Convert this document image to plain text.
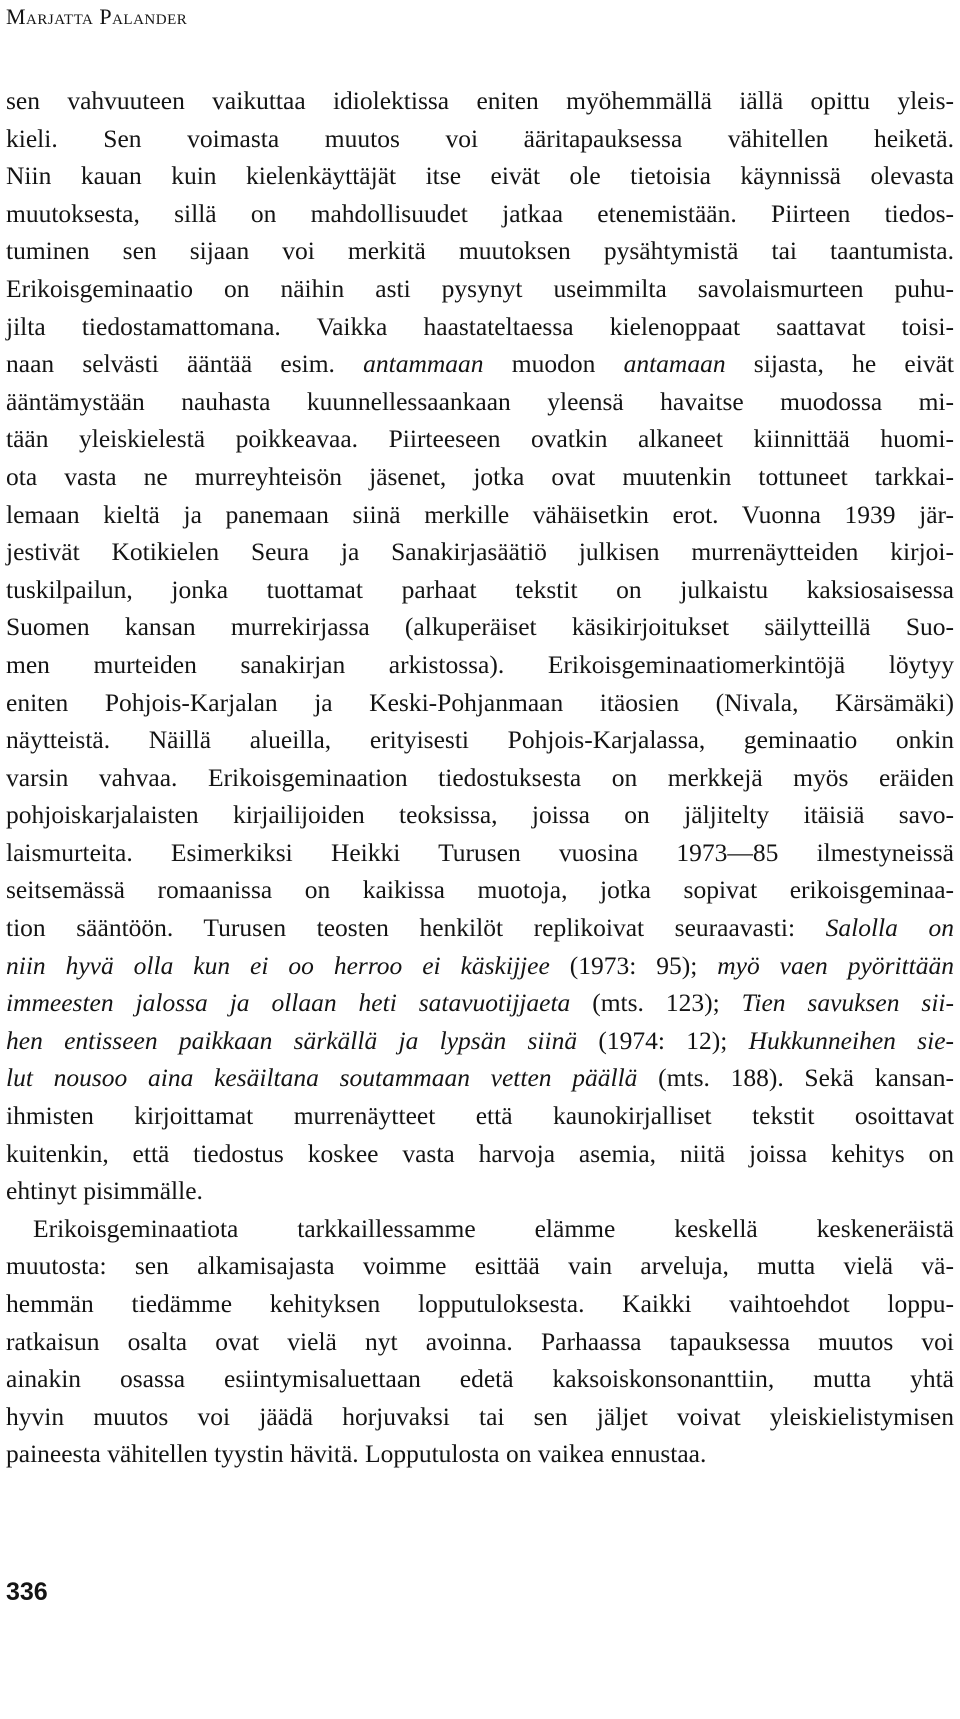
Marjatta Palander
sen vahvuuteen vaikuttaa idiolektissa eniten myöhemmällä iällä opittu yleis-
kieli. Sen voimasta muutos voi ääritapauksessa vähitellen heiketä.
Niin kauan kuin kielenkäyttäjät itse eivät ole tietoisia käynnissä olevasta
muutoksesta, sillä on mahdollisuudet jatkaa etenemistään. Piirteen tiedos-
tuminen sen sijaan voi merkitä muutoksen pysähtymistä tai taantumista.
Erikoisgeminaatio on näihin asti pysynyt useimmilta savolaismurteen puhu-
jilta tiedostamattomana. Vaikka haastateltaessa kielenoppaat saattavat toisi-
naan selvästi ääntää esim. antammaan muodon antamaan sijasta, he eivät
ääntämystään nauhasta kuunnellessaankaan yleensä havaitse muodossa mi-
tään yleiskielestä poikkeavaa. Piirteeseen ovatkin alkaneet kiinnittää huomi-
ota vasta ne murreyhteisön jäsenet, jotka ovat muutenkin tottuneet tarkkai-
lemaan kieltä ja panemaan siinä merkille vähäisetkin erot. Vuonna 1939 jär-
jestivät Kotikielen Seura ja Sanakirjasäätiö julkisen murrenäytteiden kirjoi-
tuskilpailun, jonka tuottamat parhaat tekstit on julkaistu kaksiosaisessa
Suomen kansan murrekirjassa (alkuperäiset käsikirjoitukset säilytteillä Suo-
men murteiden sanakirjan arkistossa). Erikoisgeminaatiomerkintöjä löytyy
eniten Pohjois-Karjalan ja Keski-Pohjanmaan itäosien (Nivala, Kärsämäki)
näytteistä. Näillä alueilla, erityisesti Pohjois-Karjalassa, geminaatio onkin
varsin vahvaa. Erikoisgeminaation tiedostuksesta on merkkejä myös eräiden
pohjoiskarjalaisten kirjailijoiden teoksissa, joissa on jäljitelty itäisiä savo-
laismurteita. Esimerkiksi Heikki Turusen vuosina 1973—85 ilmestyneissä
seitsemässä romaanissa on kaikissa muotoja, jotka sopivat erikoisgeminaa-
tion sääntöön. Turusen teosten henkilöt replikoivat seuraavasti: Salolla on
niin hyvä olla kun ei oo herroo ei käskijjee (1973: 95); myö vaen pyörittään
immeesten jalossa ja ollaan heti satavuotijjaeta (mts. 123); Tien savuksen sii-
hen entisseen paikkaan särkällä ja lypsän siinä (1974: 12); Hukkunneihen sie-
lut nousoo aina kesäiltana soutammaan vetten päällä (mts. 188). Sekä kansan-
ihmisten kirjoittamat murrenäytteet että kaunokirjalliset tekstit osoittavat
kuitenkin, että tiedostus koskee vasta harvoja asemia, niitä joissa kehitys on
ehtinyt pisimmälle.
Erikoisgeminaatiota tarkkaillessamme elämme keskellä keskeneräistä
muutosta: sen alkamisajasta voimme esittää vain arveluja, mutta vielä vä-
hemmän tiedämme kehityksen lopputuloksesta. Kaikki vaihtoehdot loppu-
ratkaisun osalta ovat vielä nyt avoinna. Parhaassa tapauksessa muutos voi
ainakin osassa esiintymisaluettaan edetä kaksoiskonsonanttiin, mutta yhtä
hyvin muutos voi jäädä horjuvaksi tai sen jäljet voivat yleiskielistymisen
paineesta vähitellen tyystin hävitä. Lopputulosta on vaikea ennustaa.
336
